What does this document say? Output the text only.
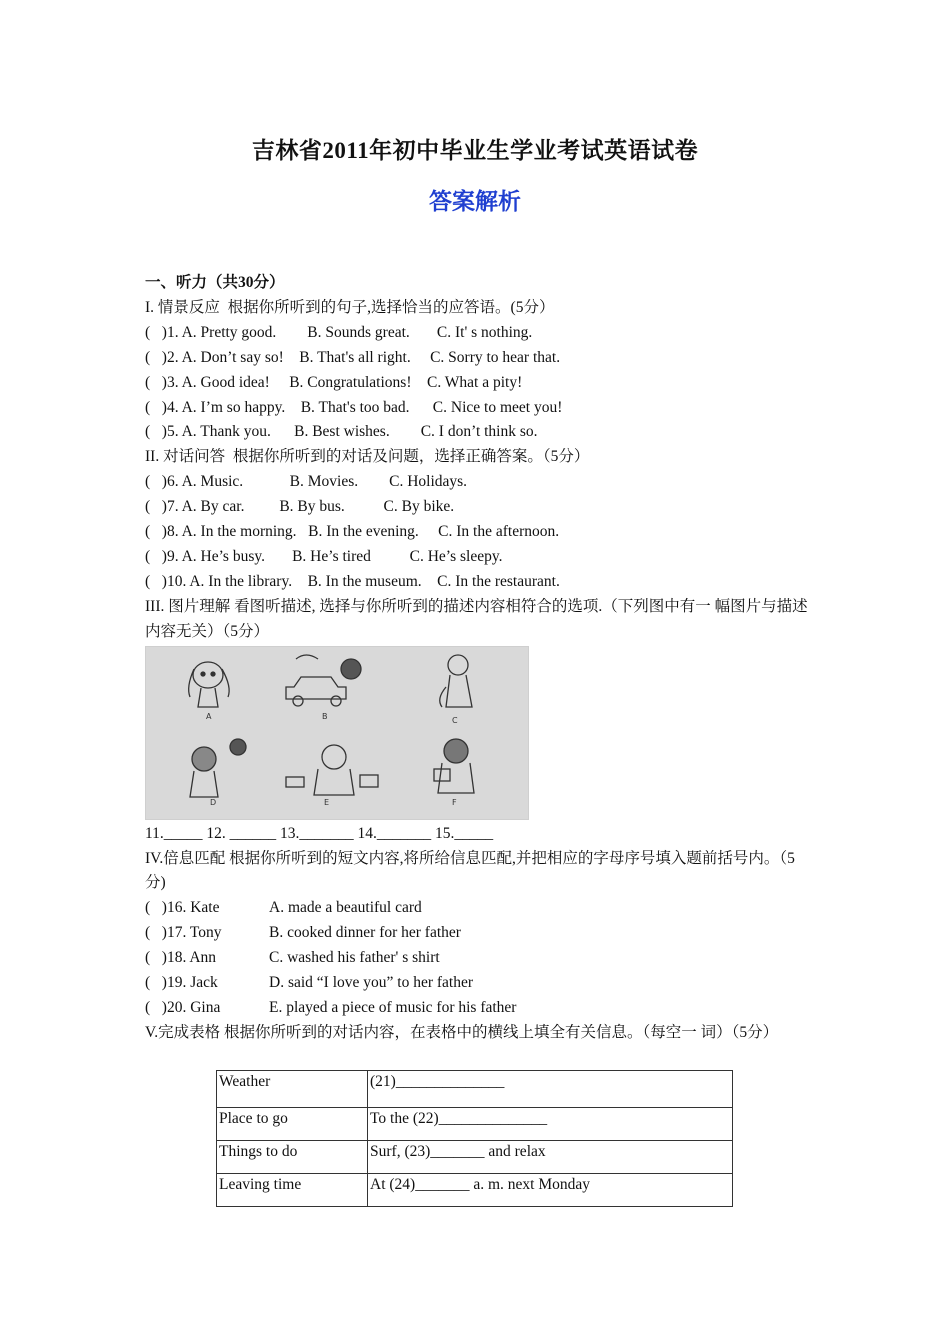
吉林省2011年初中毕业生学业考试英语试卷
答案解析
一、听力（共30分）
I. 情景反应  根据你所听到的句子,选择恰当的应答语。(5分）
(   )1. A. Pretty good.        B. Sounds great.       C. It' s nothing.
(   )2. A. Don’t say so!    B. That's all right.     C. Sorry to hear that.
(   )3. A. Good idea!     B. Congratulations!    C. What a pity!
(   )4. A. I’m so happy.    B. That's too bad.      C. Nice to meet you!
(   )5. A. Thank you.      B. Best wishes.        C. I don’t think so.
II. 对话问答  根据你所听到的对话及问题，选择正确答案。（5分）
(   )6. A. Music.            B. Movies.        C. Holidays.
(   )7. A. By car.         B. By bus.          C. By bike.
(   )8. A. In the morning.   B. In the evening.     C. In the afternoon.
(   )9. A. He’s busy.       B. He’s tired          C. He’s sleepy.
(   )10. A. In the library.    B. In the museum.    C. In the restaurant.
III. 图片理解 看图听描述, 选择与你所听到的描述内容相符合的选项.（下列图中有一 幅图片与描述内容无关）（5分）
A	B	C
D	E	F
11._____ 12. ______ 13._______ 14._______ 15._____
IV.倍息匹配 根据你所听到的短文内容,将所给信息匹配,并把相应的字母序号填入题前括号内。（5分)
(   )16. Kate	A. made a beautiful card
(   )17. Tony	B. cooked dinner for her father
(   )18. Ann	C. washed his father' s shirt
(   )19. Jack	D. said “I love you” to her father
(   )20. Gina	E. played a piece of music for his father
V.完成表格 根据你所听到的对话内容，在表格中的横线上填全有关信息。（每空一 词）（5分）
Weather	(21)______________
Place to go	To the (22)______________
Things to do	Surf, (23)_______ and relax
Leaving time	At (24)_______ a. m. next Monday
